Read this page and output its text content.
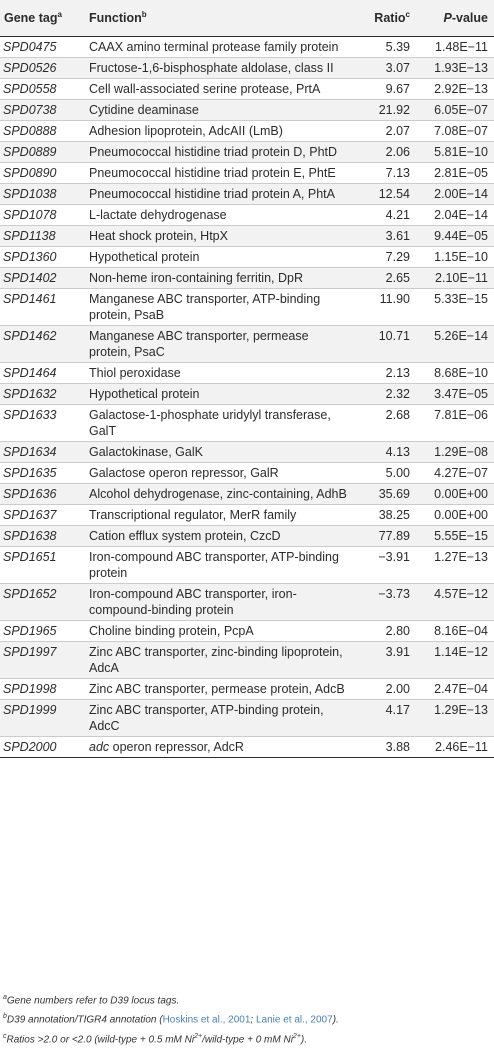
Gene tag$^a$	Function$^b$	Ratio$^c$	P-value
SPD0475	CAAX amino terminal protease family protein	5.39	1.48E−11
SPD0526	Fructose-1,6-bisphosphate aldolase, class II	3.07	1.93E−13
SPD0558	Cell wall-associated serine protease, PrtA	9.67	2.92E−13
SPD0738	Cytidine deaminase	21.92	6.05E−07
SPD0888	Adhesion lipoprotein, AdcAII (LmB)	2.07	7.08E−07
SPD0889	Pneumococcal histidine triad protein D, PhtD	2.06	5.81E−10
SPD0890	Pneumococcal histidine triad protein E, PhtE	7.13	2.81E−05
SPD1038	Pneumococcal histidine triad protein A, PhtA	12.54	2.00E−14
SPD1078	L-lactate dehydrogenase	4.21	2.04E−14
SPD1138	Heat shock protein, HtpX	3.61	9.44E−05
SPD1360	Hypothetical protein	7.29	1.15E−10
SPD1402	Non-heme iron-containing ferritin, DpR	2.65	2.10E−11
SPD1461	Manganese ABC transporter, ATP-binding protein, PsaB	11.90	5.33E−15
SPD1462	Manganese ABC transporter, permease protein, PsaC	10.71	5.26E−14
SPD1464	Thiol peroxidase	2.13	8.68E−10
SPD1632	Hypothetical protein	2.32	3.47E−05
SPD1633	Galactose-1-phosphate uridylyl transferase, GalT	2.68	7.81E−06
SPD1634	Galactokinase, GalK	4.13	1.29E−08
SPD1635	Galactose operon repressor, GalR	5.00	4.27E−07
SPD1636	Alcohol dehydrogenase, zinc-containing, AdhB	35.69	0.00E+00
SPD1637	Transcriptional regulator, MerR family	38.25	0.00E+00
SPD1638	Cation efflux system protein, CzcD	77.89	5.55E−15
SPD1651	Iron-compound ABC transporter, ATP-binding protein	−3.91	1.27E−13
SPD1652	Iron-compound ABC transporter, iron-compound-binding protein	−3.73	4.57E−12
SPD1965	Choline binding protein, PcpA	2.80	8.16E−04
SPD1997	Zinc ABC transporter, zinc-binding lipoprotein, AdcA	3.91	1.14E−12
SPD1998	Zinc ABC transporter, permease protein, AdcB	2.00	2.47E−04
SPD1999	Zinc ABC transporter, ATP-binding protein, AdcC	4.17	1.29E−13
SPD2000	adc operon repressor, AdcR	3.88	2.46E−11
$^a$Gene numbers refer to D39 locus tags.
$^b$D39 annotation/TIGR4 annotation (Hoskins et al., 2001; Lanie et al., 2007).
$^c$Ratios >2.0 or <2.0 (wild-type + 0.5 mM $Ni^{2+}/wild$-type + 0 mM $Ni^{2+}$).
